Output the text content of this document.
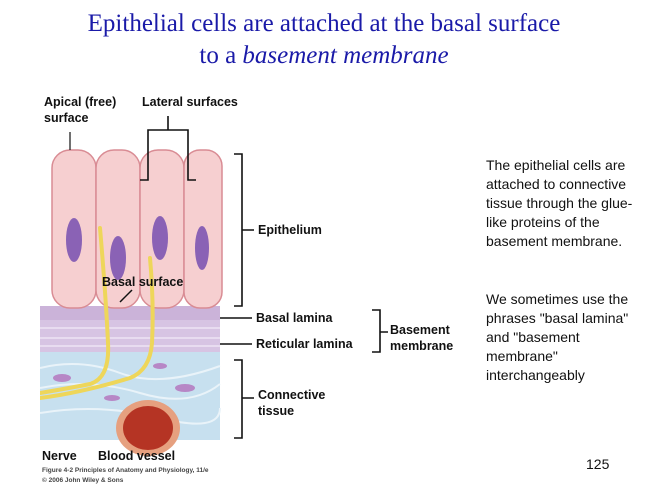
Epithelial cells are attached at the basal surface
to a basement membrane
Apical (free)
surface
Lateral surfaces
Epithelium
Basal surface
Basal lamina
Reticular lamina
Basement
membrane
Connective
tissue
Nerve Blood vessel
Figure 4-2 Principles of Anatomy and Physiology, 11/e
© 2006 John Wiley & Sons
The epithelial cells are attached to connective tissue through the glue-like proteins of the basement membrane.
We sometimes use the phrases "basal lamina" and "basement membrane" interchangeably
125
